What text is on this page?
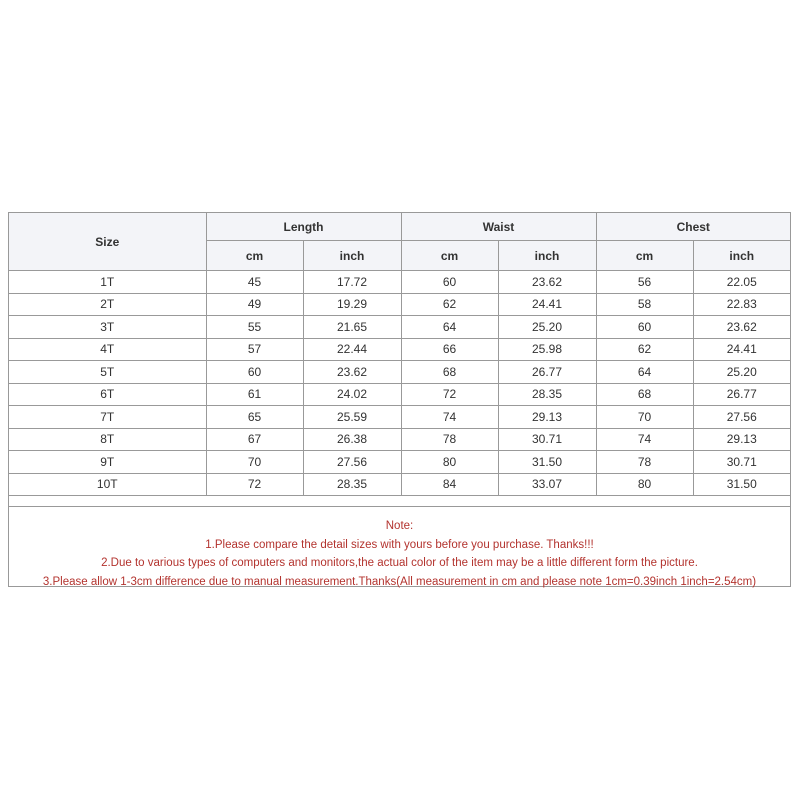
Size	Length		Waist		Chest	
	cm	inch	cm	inch	cm	inch
1T	45	17.72	60	23.62	56	22.05
2T	49	19.29	62	24.41	58	22.83
3T	55	21.65	64	25.20	60	23.62
4T	57	22.44	66	25.98	62	24.41
5T	60	23.62	68	26.77	64	25.20
6T	61	24.02	72	28.35	68	26.77
7T	65	25.59	74	29.13	70	27.56
8T	67	26.38	78	30.71	74	29.13
9T	70	27.56	80	31.50	78	30.71
10T	72	28.35	84	33.07	80	31.50
Note:
1.Please compare the detail sizes with yours before you purchase. Thanks!!!
2.Due to various types of computers and monitors,the actual color of the item may be a little different form the picture.
3.Please allow 1-3cm difference due to manual measurement.Thanks(All measurement in cm and please note 1cm=0.39inch 1inch=2.54cm)
